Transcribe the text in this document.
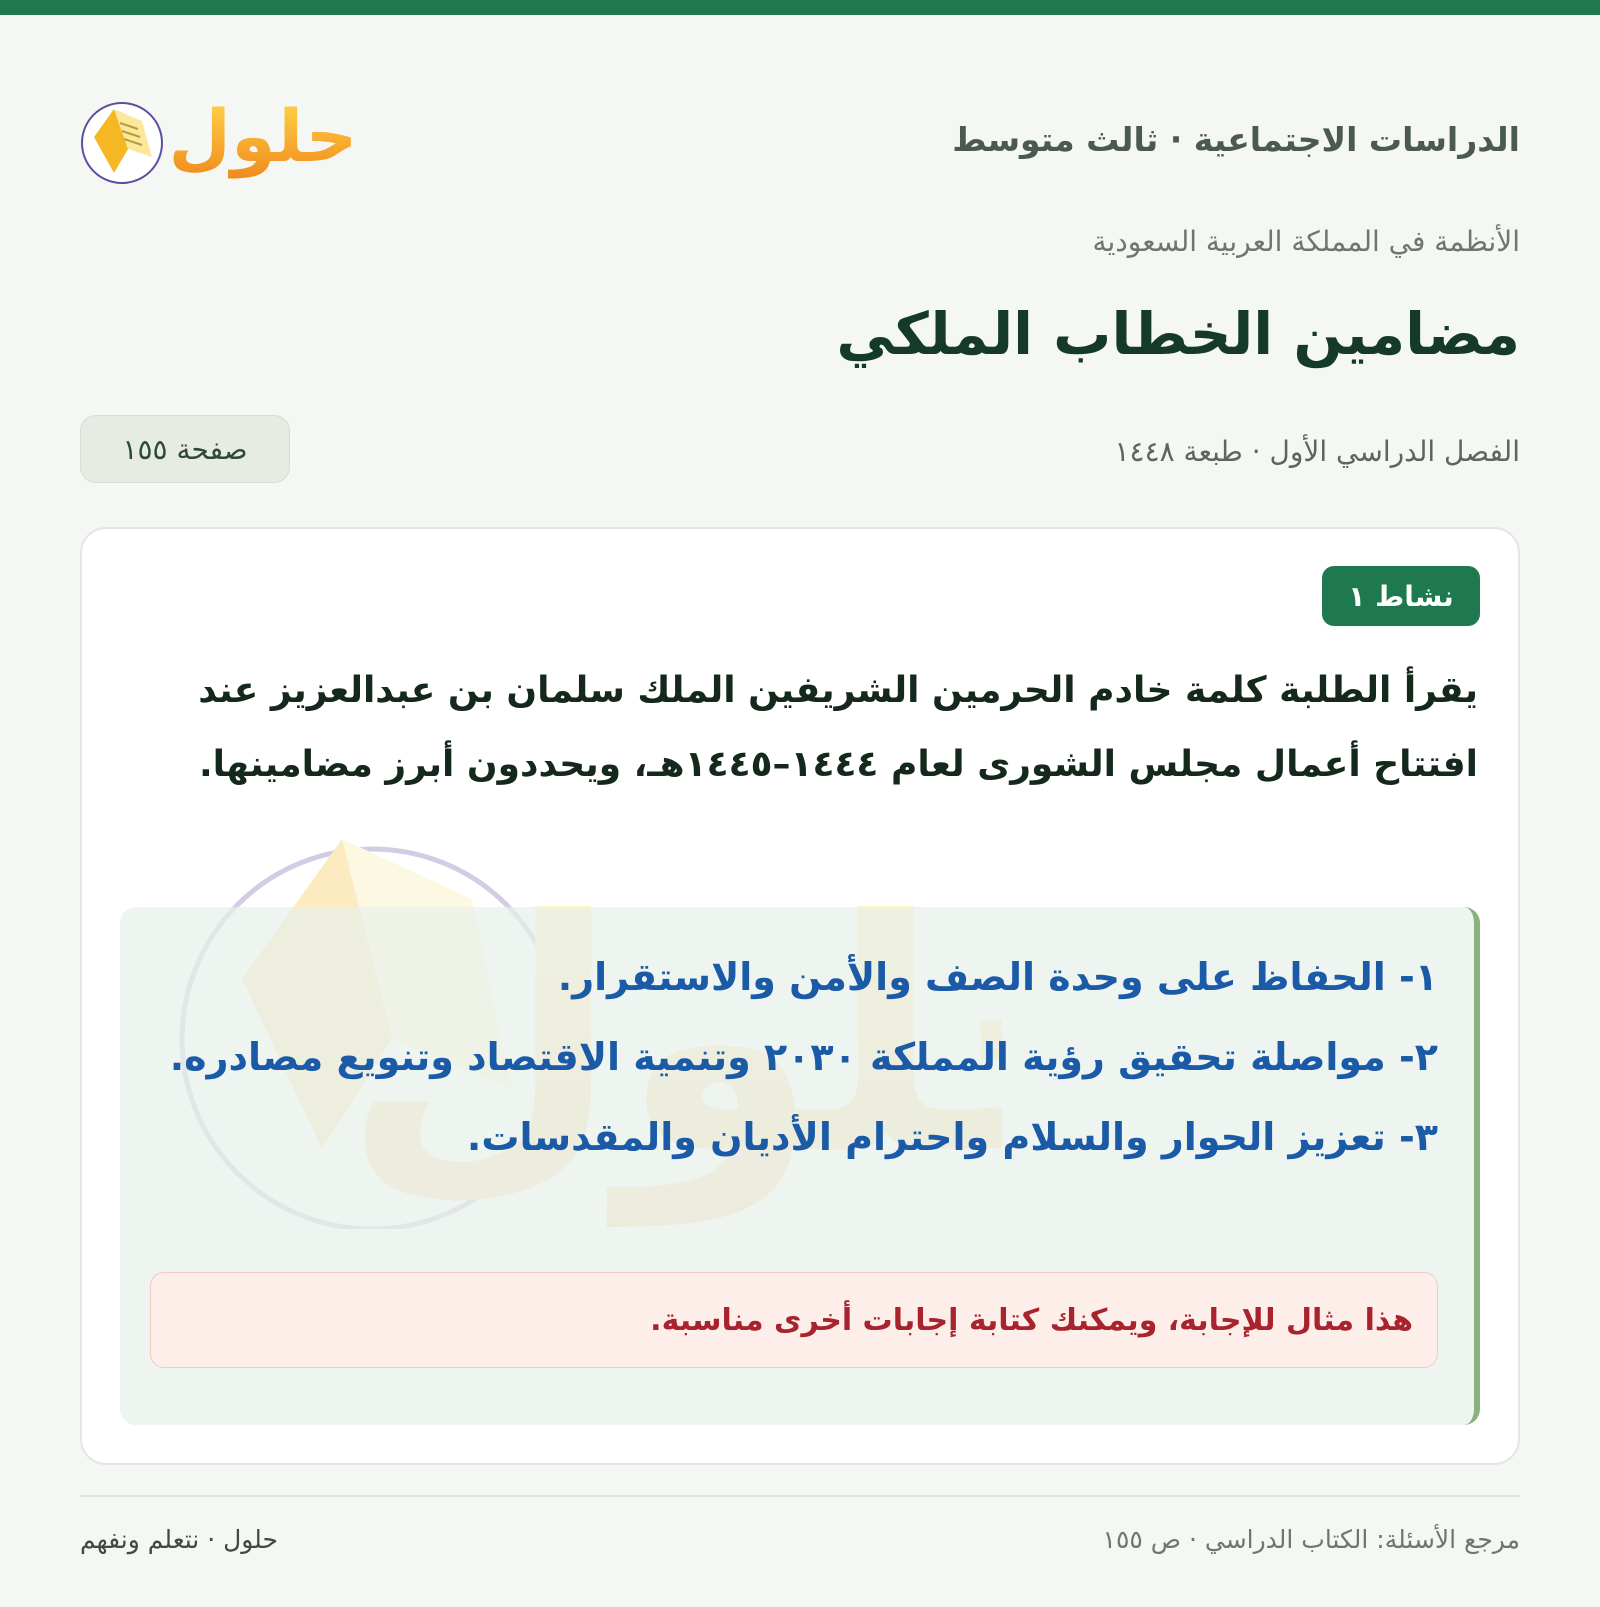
الدراسات الاجتماعية · ثالث متوسط
حلول
الأنظمة في المملكة العربية السعودية
مضامين الخطاب الملكي
الفصل الدراسي الأول · طبعة ١٤٤٨
صفحة ١٥٥
نشاط ١
يقرأ الطلبة كلمة خادم الحرمين الشريفين الملك سلمان بن عبدالعزيز عند افتتاح أعمال مجلس الشورى لعام ١٤٤٤–١٤٤٥هـ، ويحددون أبرز مضامينها.
١- الحفاظ على وحدة الصف والأمن والاستقرار.
٢- مواصلة تحقيق رؤية المملكة ٢٠٣٠ وتنمية الاقتصاد وتنويع مصادره.
٣- تعزيز الحوار والسلام واحترام الأديان والمقدسات.
هذا مثال للإجابة، ويمكنك كتابة إجابات أخرى مناسبة.
مرجع الأسئلة: الكتاب الدراسي · ص ١٥٥
حلول · نتعلم ونفهم
